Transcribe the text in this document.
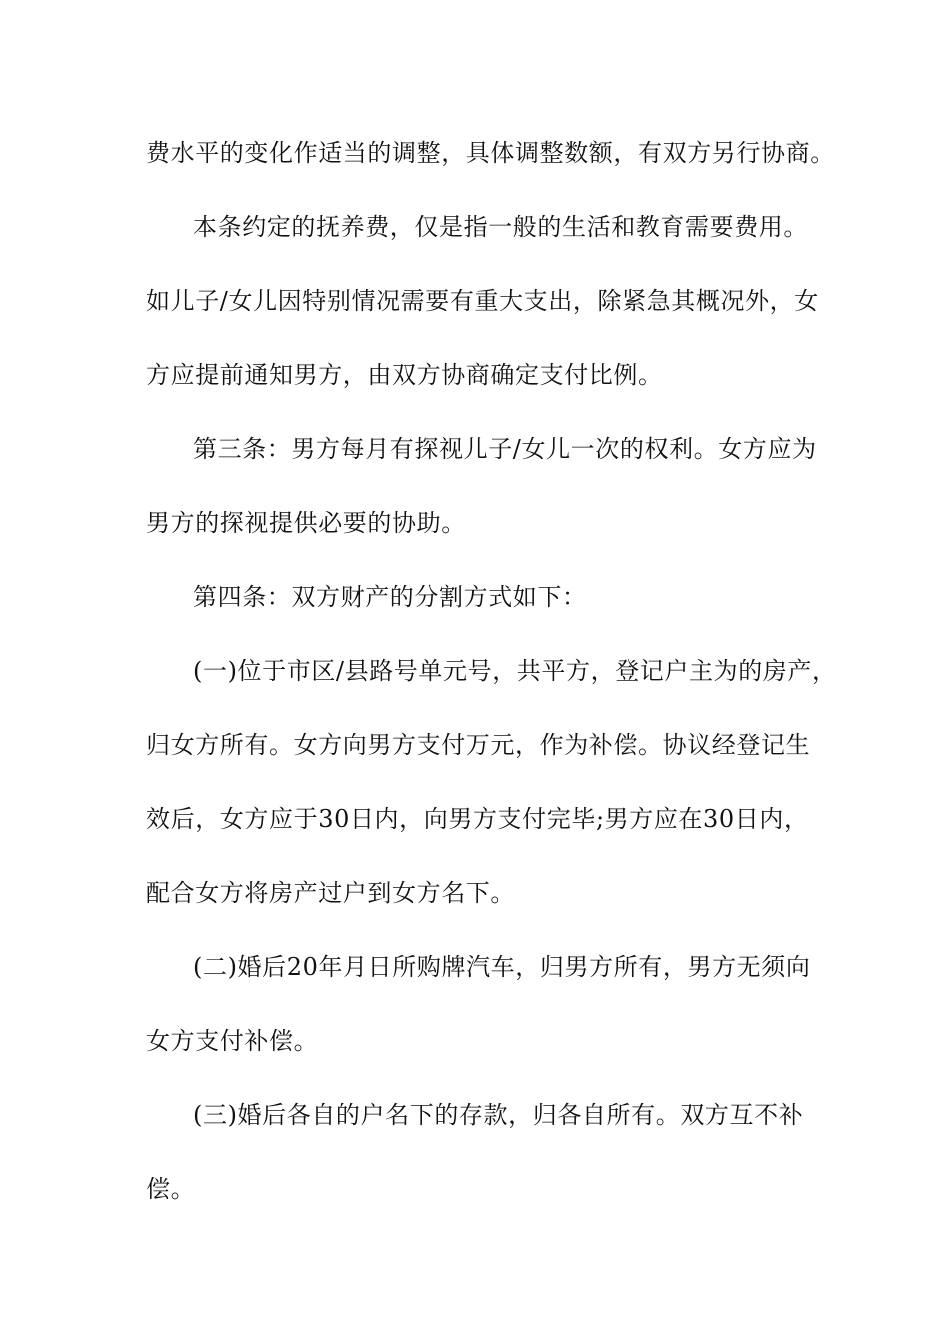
费水平的变化作适当的调整，具体调整数额，有双方另行协商。
本条约定的抚养费，仅是指一般的生活和教育需要费用。
如儿子/女儿因特别情况需要有重大支出，除紧急其概况外，女
方应提前通知男方，由双方协商确定支付比例。
第三条：男方每月有探视儿子/女儿一次的权利。女方应为
男方的探视提供必要的协助。
第四条：双方财产的分割方式如下：
(一)位于市区/县路号单元号，共平方，登记户主为的房产，
归女方所有。女方向男方支付万元，作为补偿。协议经登记生
效后，女方应于30日内，向男方支付完毕;男方应在30日内，
配合女方将房产过户到女方名下。
(二)婚后20年月日所购牌汽车，归男方所有，男方无须向
女方支付补偿。
(三)婚后各自的户名下的存款，归各自所有。双方互不补
偿。
